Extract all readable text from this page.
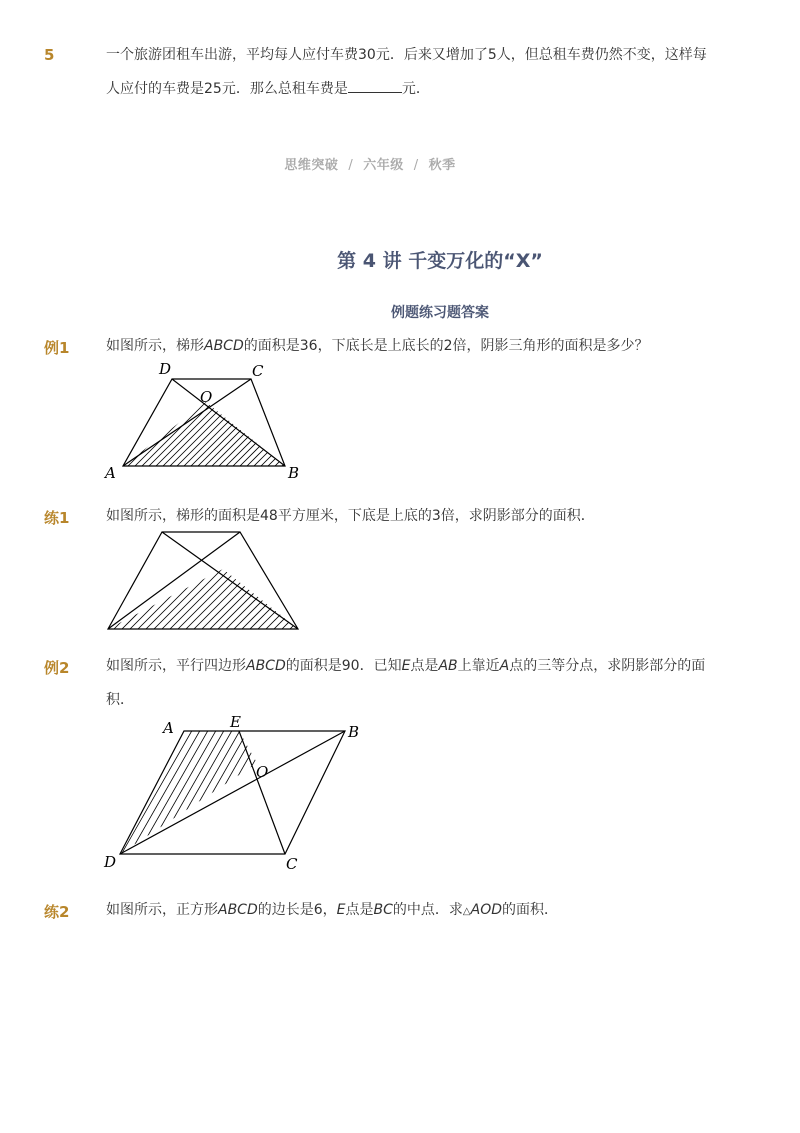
5	一个旅游团租车出游，平均每人应付车费30元．后来又增加了5人，但总租车费仍然不变，这样每
人应付的车费是25元．那么总租车费是	元．
思维突破 / 六年级 / 秋季
第 4 讲 千变万化的“X”
例题练习题答案
例1	如图所示，梯形ABCD的面积是36，下底长是上底长的2倍，阴影三角形的面积是多少？
D	C
O
A	B
A	E
B
O
D	C
练1	如图所示，梯形的面积是48平方厘米，下底是上底的3倍，求阴影部分的面积．
例2	如图所示，平行四边形ABCD的面积是90．已知E点是AB上靠近A点的三等分点，求阴影部分的面
积．
练2	如图所示，正方形ABCD的边长是6，E点是BC的中点．求△AOD的面积．
